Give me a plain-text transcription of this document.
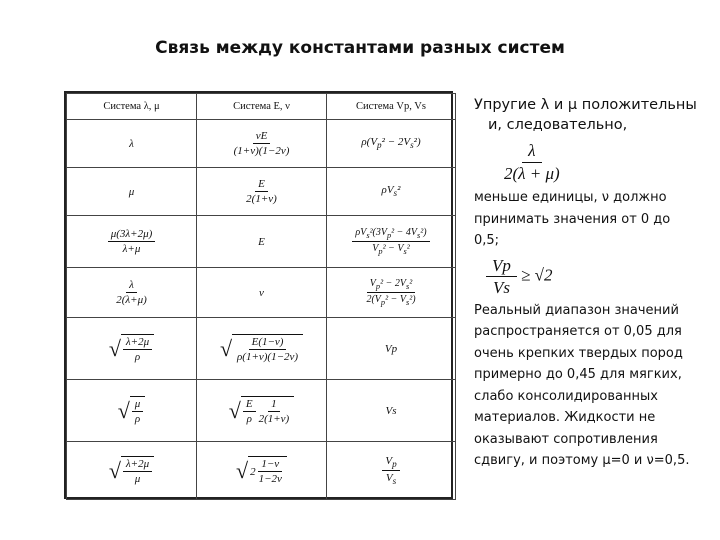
Связь между константами разных систем
Система λ, μ	Система E, ν	Система Vp, Vs
λ	$\frac{\nu E}{(1+\nu)(1-2\nu)}$	$\rho(V_p^2 - 2V_s^2)$
μ	$\frac{E}{2(1+\nu)}$	$\rho V_s^2$

$\frac{\mu(3\lambda+2\mu)}{\lambda+\mu}$	E	$\frac{\rho V_s^2(3V_p^2 - 4V_s^2)}{V_p^2 - V_s^2}$

$\frac{\lambda}{2(\lambda+\mu)}$	ν	$\frac{V_p^2 - 2V_s^2}{2(V_p^2 - V_s^2)}$

√ $\frac{\lambda+2\mu}{\rho}$	√ $\frac{E(1-\nu)}{\rho(1+\nu)(1-2\nu)}$	Vp

√ $\frac{\mu}{\rho}$	√ $\frac{E}{\rho} \frac{1}{2(1+\nu)}$	Vs

√ $\frac{\lambda+2\mu}{\mu}$	√ $2 \frac{1-\nu}{1-2\nu}$	$\frac{V_p}{V_s}$
Упругие λ и μ положительны
и, следовательно,
$\frac{\lambda}{2(\lambda + \mu)}$
меньше единицы, ν должно принимать значения от 0 до 0,5;
$\frac{Vp}{Vs} \ge √2$
Реальный диапазон значений распространяется от 0,05 для очень крепких твердых пород примерно до 0,45 для мягких, слабо консолидированных материалов. Жидкости не оказывают сопротивления сдвигу, и поэтому μ=0 и ν=0,5.
